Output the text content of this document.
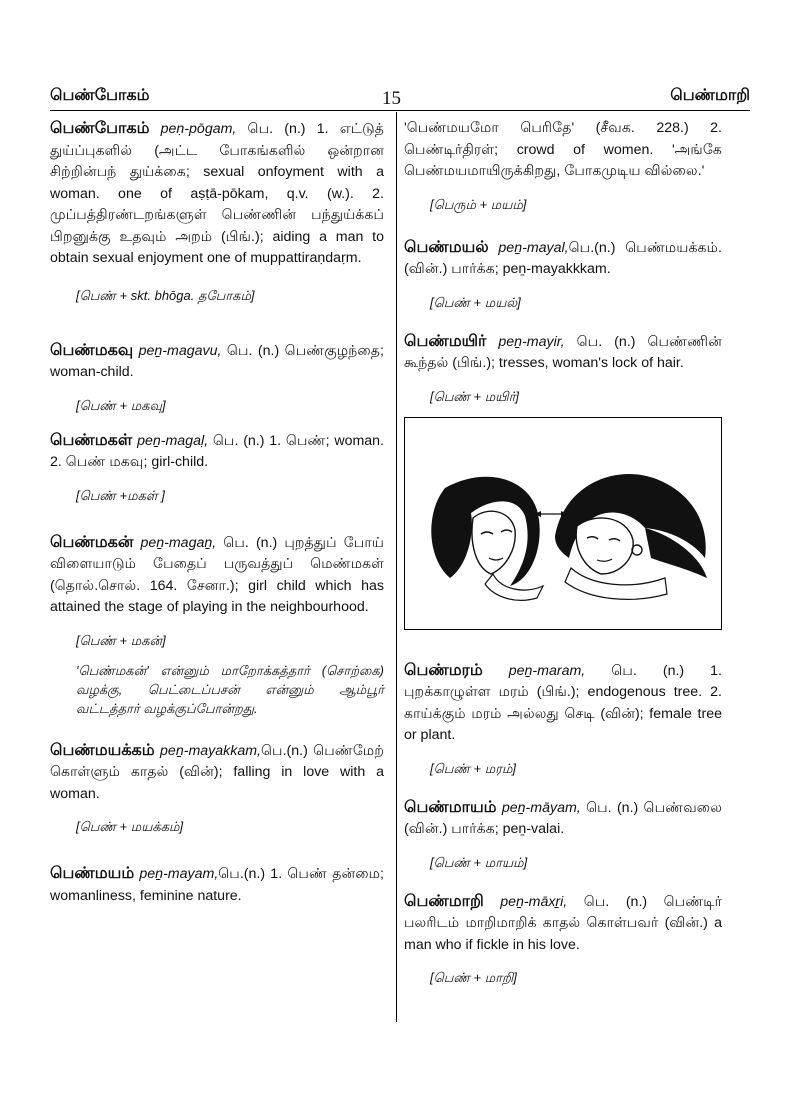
பெண்போகம்	15	பெண்மாறி

பெண்போகம் peṇ-pōgam, பெ. (n.) 1. எட்டுத் துய்ப்புகளில் (அட்ட போகங்களில் ஒன்றான சிற்றின்பந் துய்க்கை; sexual onfoyment with a woman. one of aṣṭā-pōkam, q.v. (w.). 2. முப்பத்திரண்டறங்களுள் பெண்ணின் பந்துய்க்கப் பிறனுக்கு உதவும் அறம் (பிங்.); aiding a man to obtain sexual enjoyment one of muppattiraṇdaṛm.

[பெண் + skt. bhōga. தபோகம்]

பெண்மகவு peṉ-magavu, பெ. (n.) பெண்குழந்தை; woman-child.

[பெண் + மகவு]

பெண்மகள் peṉ-magaḷ, பெ. (n.) 1. பெண்; woman. 2. பெண் மகவு; girl-child.

[பெண் +மகள் ]

பெண்மகன் peṉ-magaṉ, பெ. (n.) புறத்துப் போய் விளையாடும் பேதைப் பருவத்துப் மெண்மகள் (தொல்.சொல். 164. சேனா.); girl child which has attained the stage of playing in the neighbourhood.

[பெண் + மகன்]

'பெண்மகன்' என்னும் மாறோக்கத்தார் (சொற்கை) வழக்கு, பெட்டைப்பசன் என்னும் ஆம்பூர் வட்டத்தார் வழக்குப்போன்றது.

பெண்மயக்கம் peṉ-mayakkam,பெ.(n.) பெண்மேற் கொள்ளும் காதல் (வின்); falling in love with a woman.

[பெண் + மயக்கம்]

பெண்மயம் peṉ-mayam,பெ.(n.) 1. பெண் தன்மை; womanliness, feminine nature.

'பெண்மயமோ பெரிதே' (சீவக. 228.) 2. பெண்டிர்திரள்; crowd of women. 'அங்கே பெண்மயமாயிருக்கிறது, போகமுடிய வில்லை.'

[பெரும் + மயம்]

பெண்மயல் peṉ-mayal,பெ.(n.) பெண்மயக்கம். (வின்.) பார்க்க; peṉ-mayakkkam.

[பெண் + மயல்]

பெண்மயிர் peṉ-mayir, பெ. (n.) பெண்ணின் கூந்தல் (பிங்.); tresses, woman's lock of hair.

[பெண் + மயிர்]

பெண்மரம் peṉ-maram, பெ. (n.) 1. புறக்காழுள்ள மரம் (பிங்.); endogenous tree. 2. காய்க்கும் மரம் அல்லது செடி (வின்); female tree or plant.

[பெண் + மரம்]

பெண்மாயம் peṉ-māyam, பெ. (n.) பெண்வலை (வின்.) பார்க்க; peṉ-valai.

[பெண் + மாயம்]

பெண்மாறி peṉ-māxṟi, பெ. (n.) பெண்டிர் பலரிடம் மாறிமாறிக் காதல் கொள்பவர் (வின்.) a man who if fickle in his love.

[பெண் + மாறி]
